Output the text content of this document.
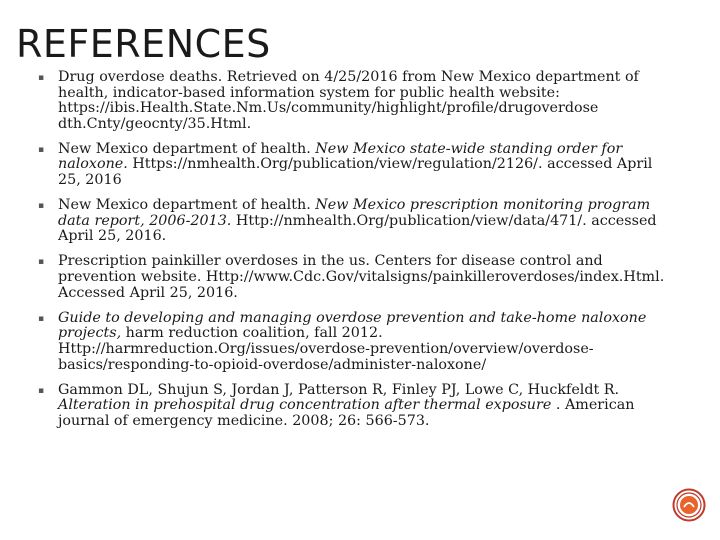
REFERENCES
▪ Drug overdose deaths. Retrieved on 4/25/2016 from New Mexico department of health, indicator-based information system for public health website: https://ibis.Health.State.Nm.Us/community/highlight/profile/drugoverdose dth.Cnty/geocnty/35.Html.
▪ New Mexico department of health. New Mexico state-wide standing order for naloxone. Https://nmhealth.Org/publication/view/regulation/2126/. accessed April 25, 2016
▪ New Mexico department of health. New Mexico prescription monitoring program data report, 2006-2013. Http://nmhealth.Org/publication/view/data/471/. accessed April 25, 2016.
▪ Prescription painkiller overdoses in the us. Centers for disease control and prevention website. Http://www.Cdc.Gov/vitalsigns/painkilleroverdoses/index.Html. Accessed April 25, 2016.
▪ Guide to developing and managing overdose prevention and take-home naloxone projects, harm reduction coalition, fall 2012. Http://harmreduction.Org/issues/overdose-prevention/overview/overdose-basics/responding-to-opioid-overdose/administer-naloxone/
▪ Gammon DL, Shujun S, Jordan J, Patterson R, Finley PJ, Lowe C, Huckfeldt R. Alteration in prehospital drug concentration after thermal exposure . American journal of emergency medicine. 2008; 26: 566-573.
